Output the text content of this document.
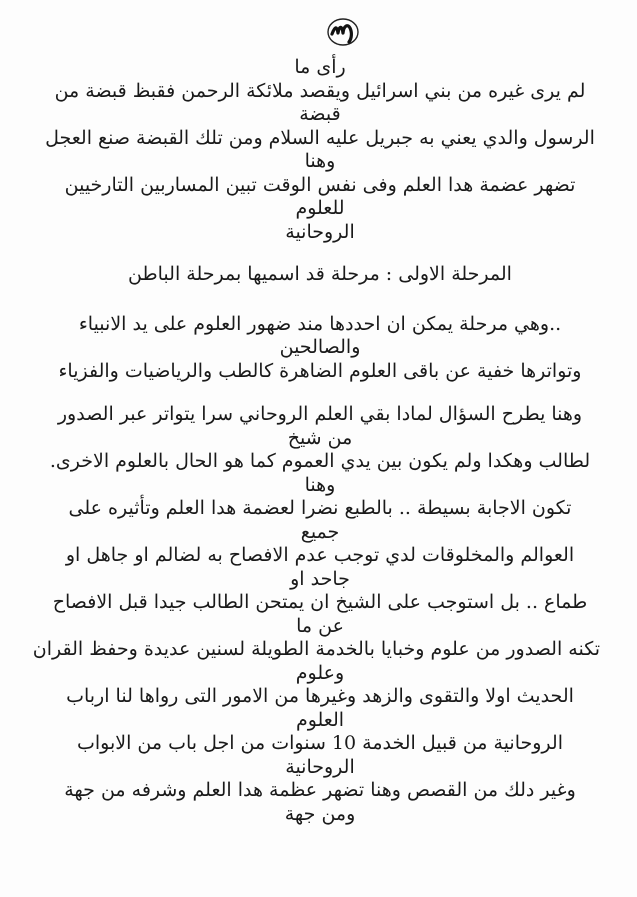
رأى ما
لم يرى غيره من بني اسرائيل ويقصد ملائكة الرحمن فقبظ قبضة من
قبضة
الرسول والدي يعني به جبريل عليه السلام ومن تلك القبضة صنع العجل
وهنا
تضهر عضمة هدا العلم وفى نفس الوقت تبين المساربين التارخيين
للعلوم
الروحانية
المرحلة الاولى : مرحلة قد اسميها بمرحلة الباطن
..وهي مرحلة يمكن ان احددها مند ضهور العلوم على يد الانبياء
والصالحين
وتواترها خفية عن باقى العلوم الضاهرة كالطب والرياضيات والفزياء
وهنا يطرح السؤال لمادا بقي العلم الروحاني سرا يتواتر عبر الصدور
من شيخ
لطالب وهكدا ولم يكون بين يدي العموم كما هو الحال بالعلوم الاخرى.
وهنا
تكون الاجابة بسيطة .. بالطبع نضرا لعضمة هدا العلم وتأثيره على
جميع
العوالم والمخلوقات لدي توجب عدم الافصاح به لضالم او جاهل او
جاحد او
طماع .. بل استوجب على الشيخ ان يمتحن الطالب جيدا قبل الافصاح
عن ما
تكنه الصدور من علوم وخبايا بالخدمة الطويلة لسنين عديدة وحفظ القران
وعلوم
الحديث اولا والتقوى والزهد وغيرها من الامور التى رواها لنا ارباب
العلوم
الروحانية من قبيل الخدمة 10 سنوات من اجل باب من الابواب
الروحانية
وغير دلك من القصص وهنا تضهر عظمة هدا العلم وشرفه من جهة
ومن جهة
